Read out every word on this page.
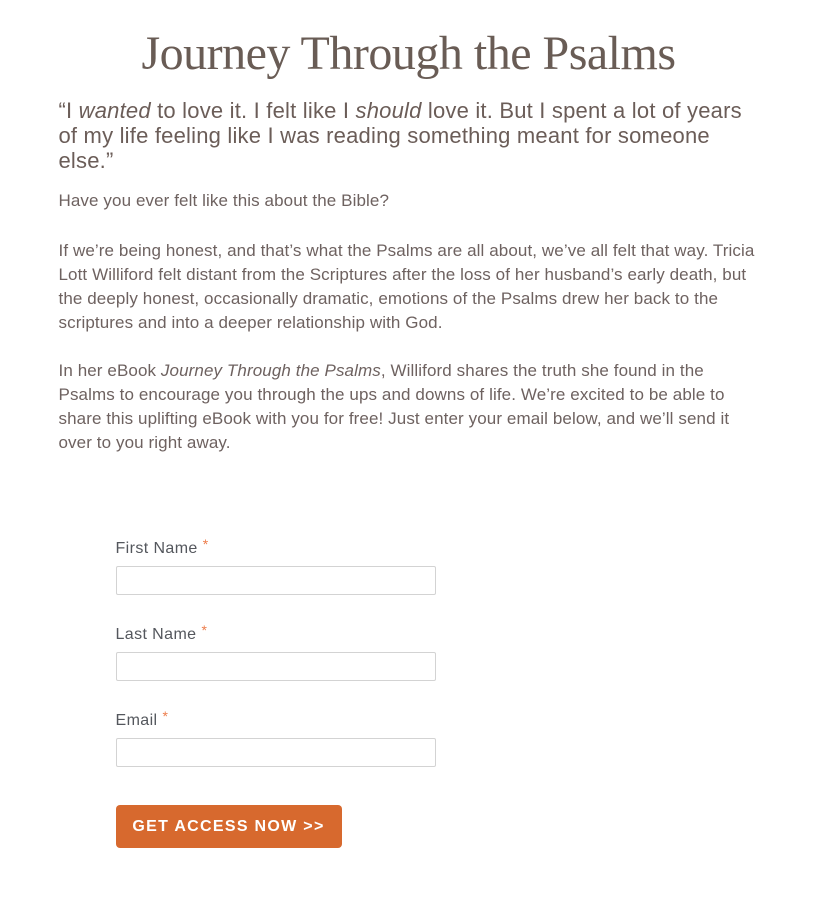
Journey Through the Psalms
“I wanted to love it. I felt like I should love it. But I spent a lot of years of my life feeling like I was reading something meant for someone else.”

Have you ever felt like this about the Bible?

If we’re being honest, and that’s what the Psalms are all about, we’ve all felt that way. Tricia Lott Williford felt distant from the Scriptures after the loss of her husband’s early death, but the deeply honest, occasionally dramatic, emotions of the Psalms drew her back to the scriptures and into a deeper relationship with God.

In her eBook Journey Through the Psalms, Williford shares the truth she found in the Psalms to encourage you through the ups and downs of life. We’re excited to be able to share this uplifting eBook with you for free! Just enter your email below, and we’ll send it over to you right away.

First Name *
Last Name *
Email *
GET ACCESS NOW >>
